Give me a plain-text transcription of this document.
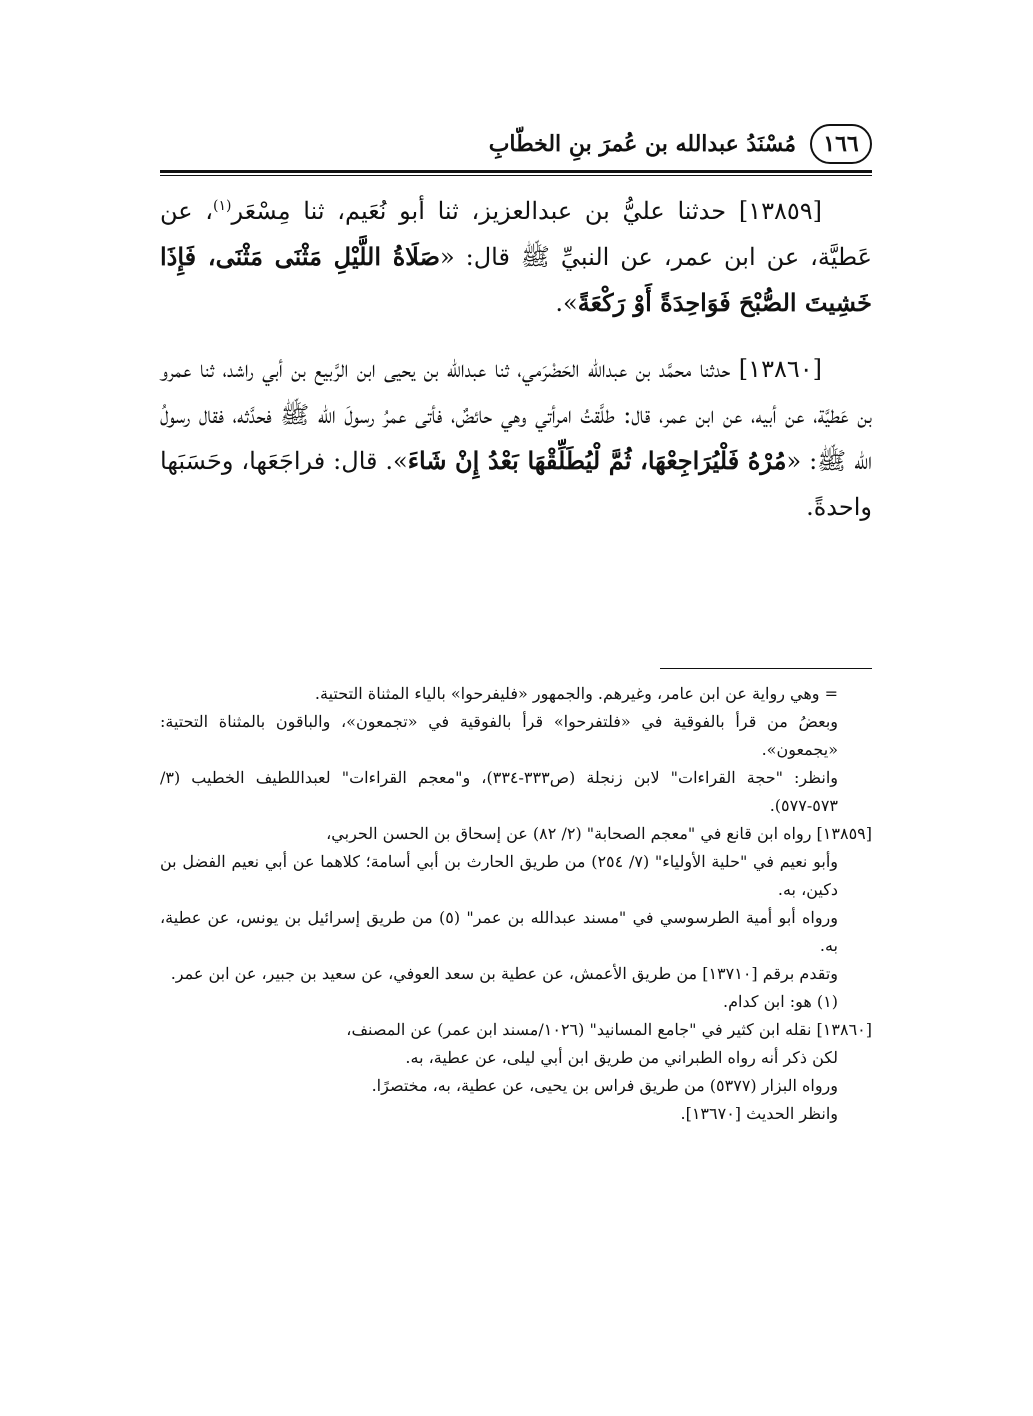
١٦٦
مُسْنَدُ عبدالله بن عُمرَ بنِ الخطّابِ

[١٣٨٥٩] حدثنا عليُّ بن عبدالعزيز، ثنا أبو نُعَيم، ثنا مِسْعَر$^{(١)}$، عن عَطيَّة، عن ابن عمر، عن النبيِّ ﷺ قال: «صَلَاةُ اللَّيْلِ مَثْنَى مَثْنَى، فَإِذَا خَشِيتَ الصُّبْحَ فَوَاحِدَةً أَوْ رَكْعَةً».

[١٣٨٦٠] حدثنا محمَّد بن عبدالله الحَضْرَمي، ثنا عبدالله بن يحيى ابن الرَّبيع بن أبي راشد، ثنا عمرو بن عَطيَّة، عن أبيه، عن ابن عمر، قال: طلَّقتُ امرأتي وهي حائضٌ، فأتى عمرُ رسولَ الله ﷺ فحدَّثه، فقال رسولُ الله ﷺ: «مُرْهُ فَلْيُرَاجِعْهَا، ثُمَّ لْيُطَلِّقْهَا بَعْدُ إِنْ شَاءَ». قال: فراجَعَها، وحَسَبَها واحدةً.

= وهي رواية عن ابن عامر، وغيرهم. والجمهور «فليفرحوا» بالياء المثناة التحتية.

وبعضُ من قرأ بالفوقية في «فلتفرحوا» قرأ بالفوقية في «تجمعون»، والباقون بالمثناة التحتية: «يجمعون».

وانظر: "حجة القراءات" لابن زنجلة (ص٣٣٣-٣٣٤)، و"معجم القراءات" لعبداللطيف الخطيب (٣/ ٥٧٣-٥٧٧).

[١٣٨٥٩] رواه ابن قانع في "معجم الصحابة" (٢/ ٨٢) عن إسحاق بن الحسن الحربي،

وأبو نعيم في "حلية الأولياء" (٧/ ٢٥٤) من طريق الحارث بن أبي أسامة؛ كلاهما عن أبي نعيم الفضل بن دكين، به.

ورواه أبو أمية الطرسوسي في "مسند عبدالله بن عمر" (٥) من طريق إسرائيل بن يونس، عن عطية، به.

وتقدم برقم [١٣٧١٠] من طريق الأعمش، عن عطية بن سعد العوفي، عن سعيد بن جبير، عن ابن عمر.

(١) هو: ابن كدام.

[١٣٨٦٠] نقله ابن كثير في "جامع المسانيد" (١٠٢٦/مسند ابن عمر) عن المصنف،

لكن ذكر أنه رواه الطبراني من طريق ابن أبي ليلى، عن عطية، به.

ورواه البزار (٥٣٧٧) من طريق فراس بن يحيى، عن عطية، به، مختصرًا.

وانظر الحديث [١٣٦٧٠].
